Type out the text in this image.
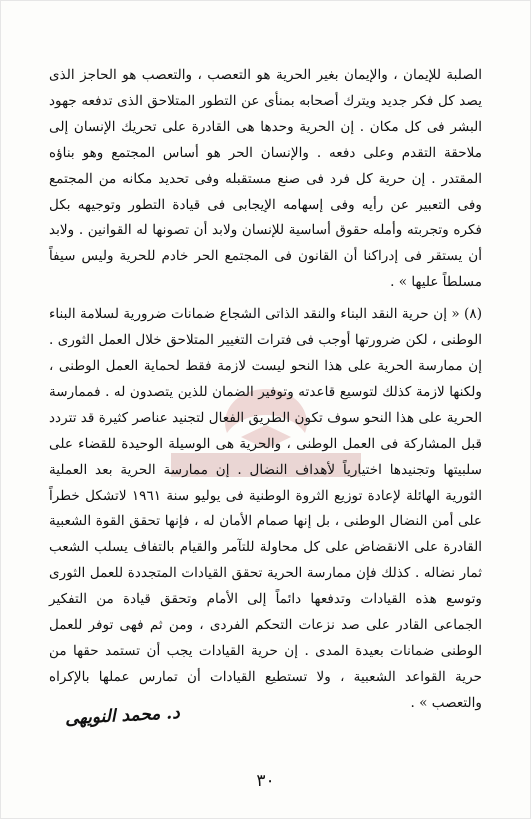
الصلبة للإيمان ، والإيمان بغير الحرية هو التعصب ، والتعصب هو الحاجز الذى يصد كل فكر جديد ويترك أصحابه بمنأى عن التطور المتلاحق الذى تدفعه جهود البشر فى كل مكان . إن الحرية وحدها هى القادرة على تحريك الإنسان إلى ملاحقة التقدم وعلى دفعه . والإنسان الحر هو أساس المجتمع وهو بناؤه المقتدر . إن حرية كل فرد فى صنع مستقبله وفى تحديد مكانه من المجتمع وفى التعبير عن رأيه وفى إسهامه الإيجابى فى قيادة التطور وتوجيهه بكل فكره وتجربته وأمله حقوق أساسية للإنسان ولابد أن تصونها له القوانين . ولابد أن يستقر فى إدراكنا أن القانون فى المجتمع الحر خادم للحرية وليس سيفاً مسلطاً عليها » .

(٨) « إن حرية النقد البناء والنقد الذاتى الشجاع ضمانات ضرورية لسلامة البناء الوطنى ، لكن ضرورتها أوجب فى فترات التغيير المتلاحق خلال العمل الثورى . إن ممارسة الحرية على هذا النحو ليست لازمة فقط لحماية العمل الوطنى ، ولكنها لازمة كذلك لتوسيع قاعدته وتوفير الضمان للذين يتصدون له . فممارسة الحرية على هذا النحو سوف تكون الطريق الفعال لتجنيد عناصر كثيرة قد تتردد قبل المشاركة فى العمل الوطنى ، والحرية هى الوسيلة الوحيدة للقضاء على سلبيتها وتجنيدها اختيارياً لأهداف النضال . إن ممارسة الحرية بعد العملية الثورية الهائلة لإعادة توزيع الثروة الوطنية فى يوليو سنة ١٩٦١ لاتشكل خطراً على أمن النضال الوطنى ، بل إنها صمام الأمان له ، فإنها تحقق القوة الشعبية القادرة على الانقضاض على كل محاولة للتآمر والقيام بالتفاف يسلب الشعب ثمار نضاله . كذلك فإن ممارسة الحرية تحقق القيادات المتجددة للعمل الثورى وتوسع هذه القيادات وتدفعها دائماً إلى الأمام وتحقق قيادة من التفكير الجماعى القادر على صد نزعات التحكم الفردى ، ومن ثم فهى توفر للعمل الوطنى ضمانات بعيدة المدى . إن حرية القيادات يجب أن تستمد حقها من حرية القواعد الشعبية ، ولا تستطيع القيادات أن تمارس عملها بالإكراه والتعصب » .

د. محمد النويهى
٣٠
